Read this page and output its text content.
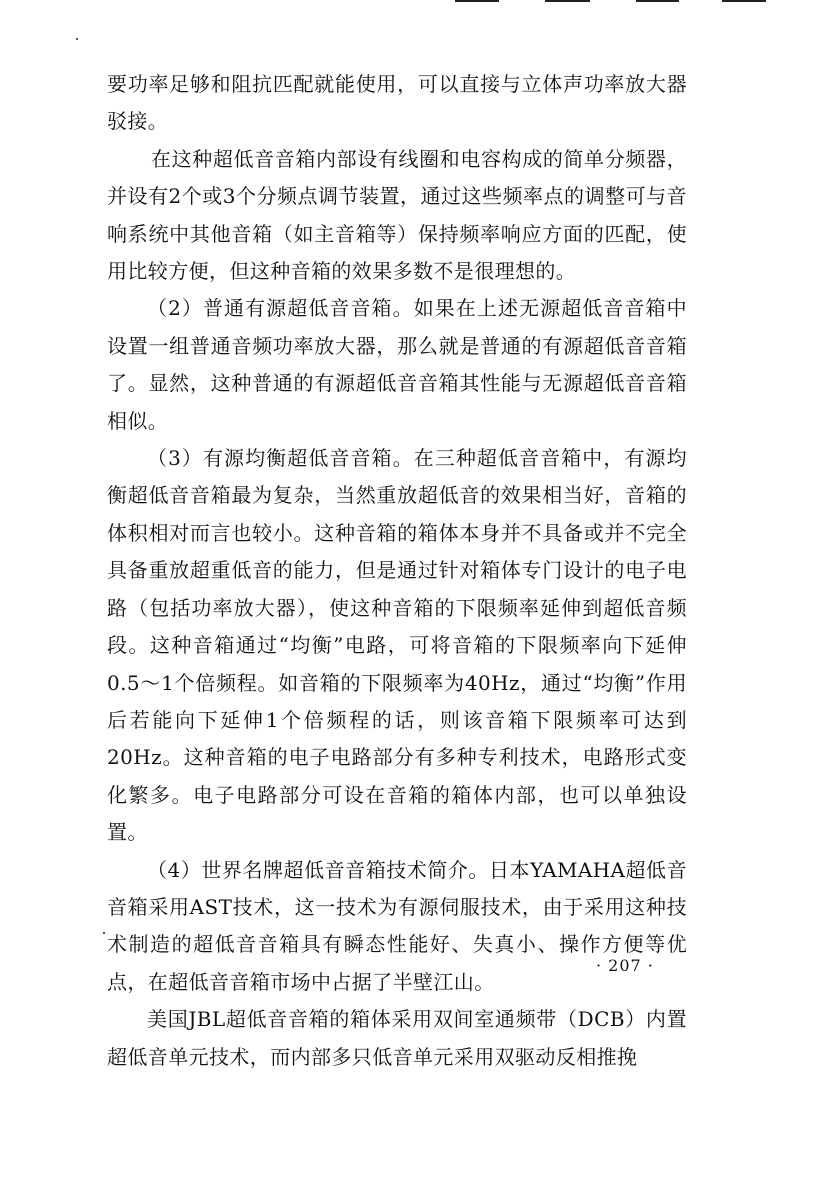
要功率足够和阻抗匹配就能使用，可以直接与立体声功率放大器驳接。

在这种超低音音箱内部设有线圈和电容构成的简单分频器，并设有2个或3个分频点调节装置，通过这些频率点的调整可与音响系统中其他音箱（如主音箱等）保持频率响应方面的匹配，使用比较方便，但这种音箱的效果多数不是很理想的。

（2）普通有源超低音音箱。如果在上述无源超低音音箱中设置一组普通音频功率放大器，那么就是普通的有源超低音音箱了。显然，这种普通的有源超低音音箱其性能与无源超低音音箱相似。

（3）有源均衡超低音音箱。在三种超低音音箱中，有源均衡超低音音箱最为复杂，当然重放超低音的效果相当好，音箱的体积相对而言也较小。这种音箱的箱体本身并不具备或并不完全具备重放超重低音的能力，但是通过针对箱体专门设计的电子电路（包括功率放大器），使这种音箱的下限频率延伸到超低音频段。这种音箱通过“均衡”电路，可将音箱的下限频率向下延伸0.5～1个倍频程。如音箱的下限频率为40Hz，通过“均衡”作用后若能向下延伸1个倍频程的话，则该音箱下限频率可达到20Hz。这种音箱的电子电路部分有多种专利技术，电路形式变化繁多。电子电路部分可设在音箱的箱体内部，也可以单独设置。

（4）世界名牌超低音音箱技术简介。日本YAMAHA超低音音箱采用AST技术，这一技术为有源伺服技术，由于采用这种技术制造的超低音音箱具有瞬态性能好、失真小、操作方便等优点，在超低音音箱市场中占据了半壁江山。

美国JBL超低音音箱的箱体采用双间室通频带（DCB）内置超低音单元技术，而内部多只低音单元采用双驱动反相推挽

· 207 ·
